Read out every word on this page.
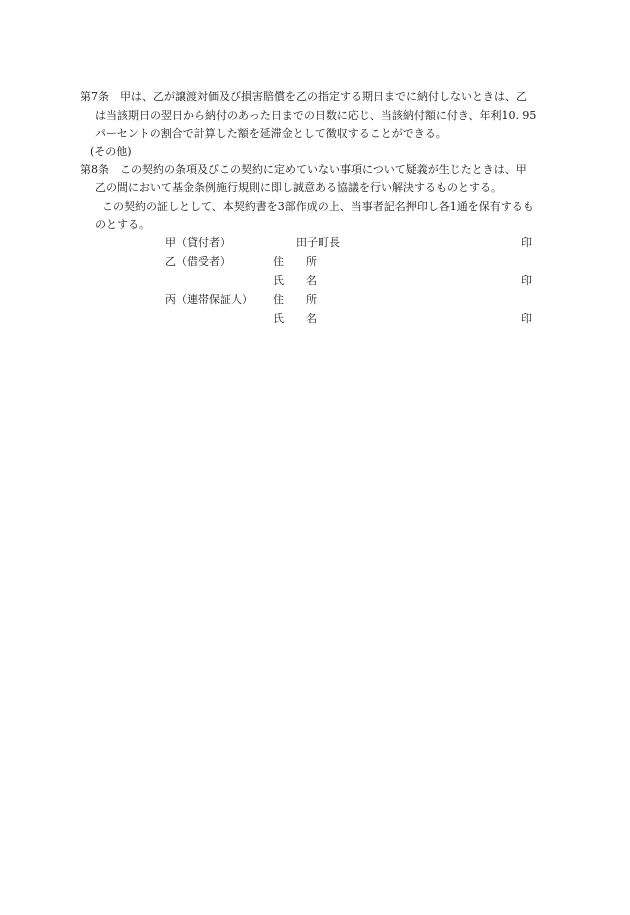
第7条　甲は、乙が譲渡対価及び損害賠償を乙の指定する期日までに納付しないときは、乙
は当該期日の翌日から納付のあった日までの日数に応じ、当該納付額に付き、年利10. 95
パーセントの割合で計算した額を延滞金として徴収することができる。
(その他)
第8条　この契約の条項及びこの契約に定めていない事項について疑義が生じたときは、甲
乙の間において基金条例施行規則に即し誠意ある協議を行い解決するものとする。
この契約の証しとして、本契約書を3部作成の上、当事者記名押印し各1通を保有するも
のとする。
甲（貸付者）	田子町長	印
乙（借受者）	住　　所
氏　　名	印
丙（連帯保証人） 住　　所
氏　　名	印
